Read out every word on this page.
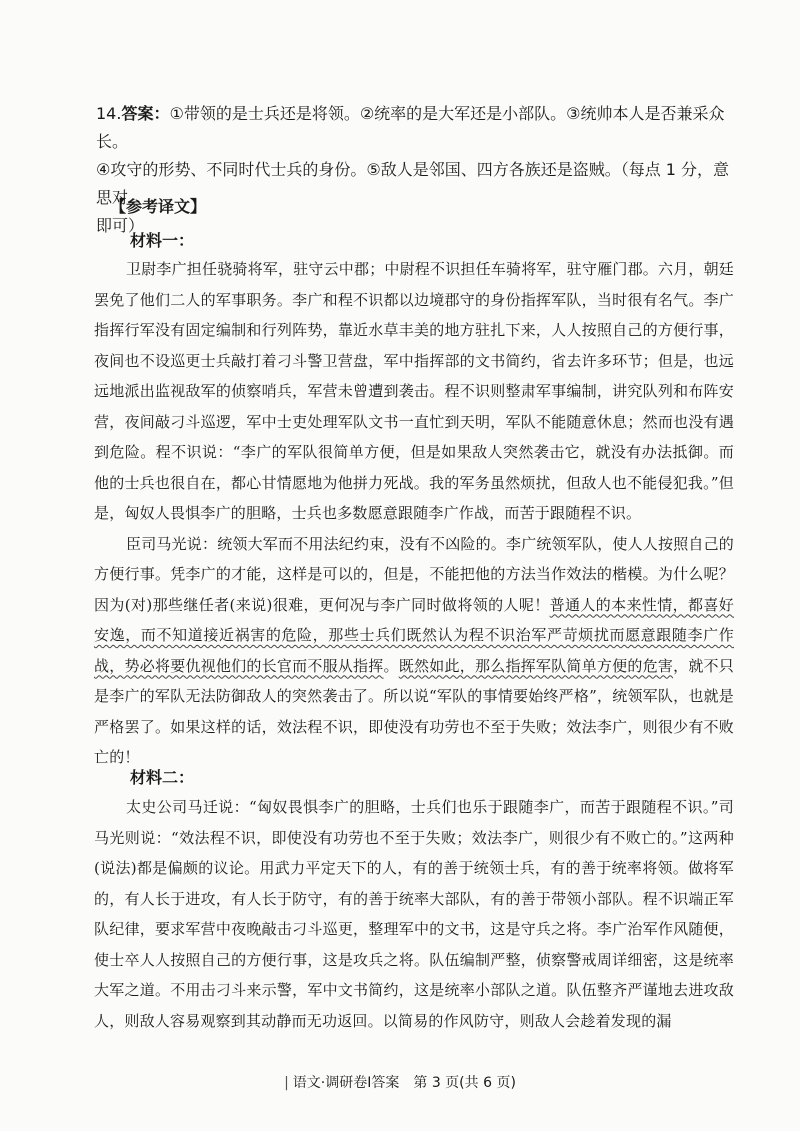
14.答案：①带领的是士兵还是将领。②统率的是大军还是小部队。③统帅本人是否兼采众长。

④攻守的形势、不同时代士兵的身份。⑤敌人是邻国、四方各族还是盗贼。（每点 1 分，意思对

即可）

【参考译文】
材料一：

卫尉李广担任骁骑将军，驻守云中郡；中尉程不识担任车骑将军，驻守雁门郡。六月，朝廷罢免了他们二人的军事职务。李广和程不识都以边境郡守的身份指挥军队，当时很有名气。李广指挥行军没有固定编制和行列阵势，靠近水草丰美的地方驻扎下来，人人按照自己的方便行事，夜间也不设巡更士兵敲打着刁斗警卫营盘，军中指挥部的文书简约，省去许多环节；但是，也远远地派出监视敌军的侦察哨兵，军营未曾遭到袭击。程不识则整肃军事编制，讲究队列和布阵安营，夜间敲刁斗巡逻，军中士吏处理军队文书一直忙到天明，军队不能随意休息；然而也没有遇到危险。程不识说：“李广的军队很简单方便，但是如果敌人突然袭击它，就没有办法抵御。而他的士兵也很自在，都心甘情愿地为他拼力死战。我的军务虽然烦扰，但敌人也不能侵犯我。”但是，匈奴人畏惧李广的胆略，士兵也多数愿意跟随李广作战，而苦于跟随程不识。

臣司马光说：统领大军而不用法纪约束，没有不凶险的。李广统领军队，使人人按照自己的方便行事。凭李广的才能，这样是可以的，但是，不能把他的方法当作效法的楷模。为什么呢？因为(对)那些继任者(来说)很难，更何况与李广同时做将领的人呢！普通人的本来性情，都喜好安逸，而不知道接近祸害的危险，那些士兵们既然认为程不识治军严苛烦扰而愿意跟随李广作战，势必将要仇视他们的长官而不服从指挥。既然如此，那么指挥军队简单方便的危害，就不只是李广的军队无法防御敌人的突然袭击了。所以说“军队的事情要始终严格”，统领军队，也就是严格罢了。如果这样的话，效法程不识，即使没有功劳也不至于失败；效法李广，则很少有不败亡的！

材料二：

太史公司马迁说：“匈奴畏惧李广的胆略，士兵们也乐于跟随李广，而苦于跟随程不识。”司马光则说：“效法程不识，即使没有功劳也不至于失败；效法李广，则很少有不败亡的。”这两种(说法)都是偏颇的议论。用武力平定天下的人，有的善于统领士兵，有的善于统率将领。做将军的，有人长于进攻，有人长于防守，有的善于统率大部队，有的善于带领小部队。程不识端正军队纪律，要求军营中夜晚敲击刁斗巡更，整理军中的文书，这是守兵之将。李广治军作风随便，使士卒人人按照自己的方便行事，这是攻兵之将。队伍编制严整，侦察警戒周详细密，这是统率大军之道。不用击刁斗来示警，军中文书简约，这是统率小部队之道。队伍整齐严谨地去进攻敌人，则敌人容易观察到其动静而无功返回。以简易的作风防守，则敌人会趁着发现的漏

| 语文·调研卷Ⅰ答案　第 3 页(共 6 页)
